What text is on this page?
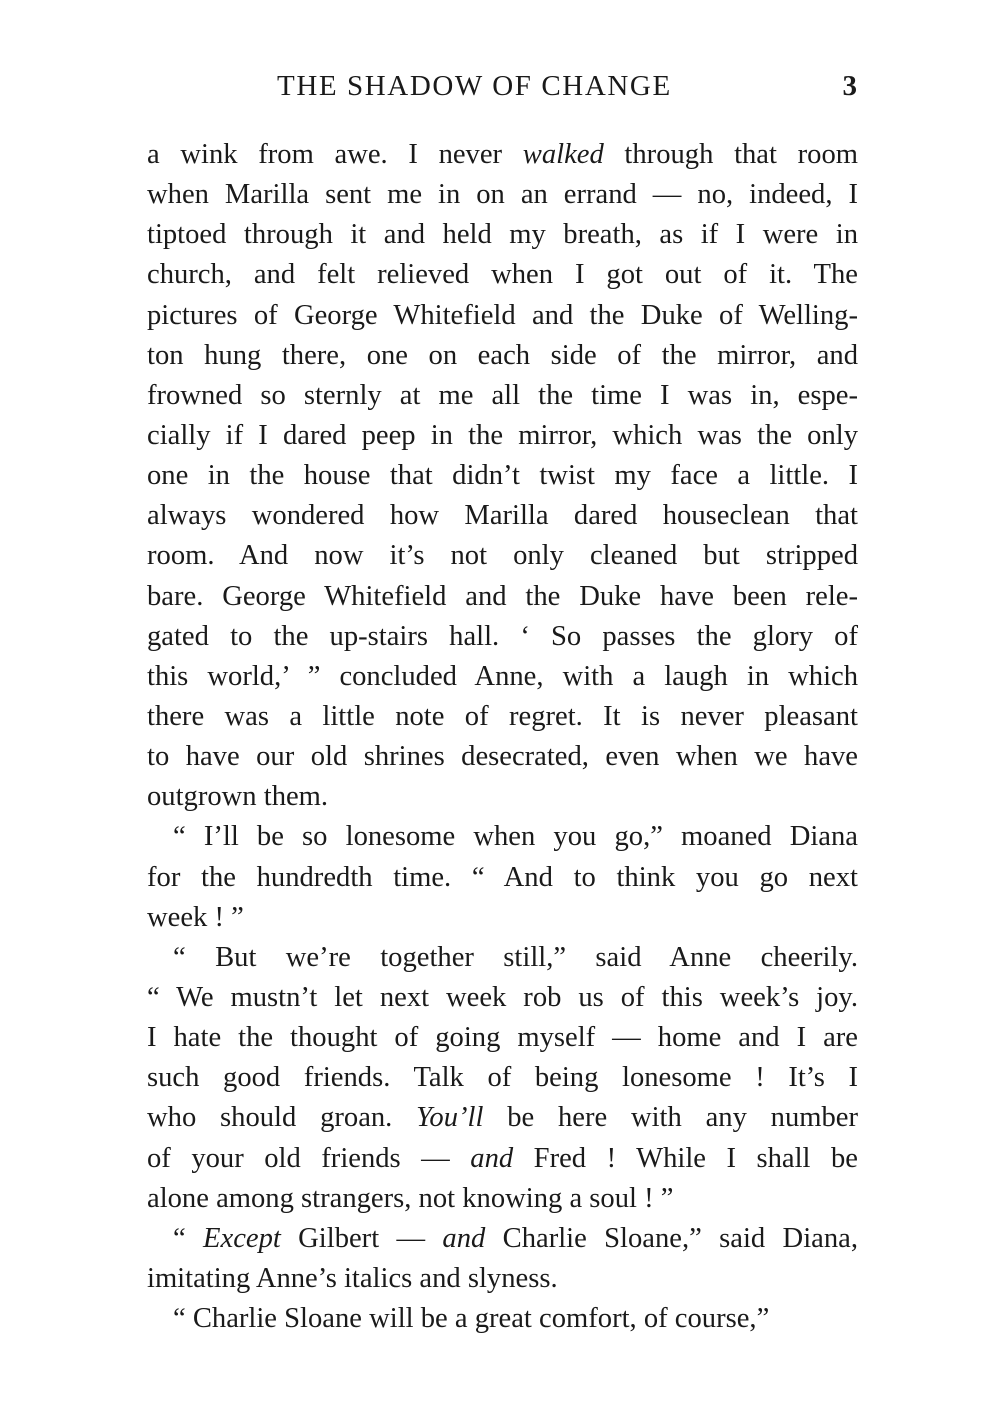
THE SHADOW OF CHANGE	3
a wink from awe. I never walked through that room
when Marilla sent me in on an errand — no, indeed, I
tiptoed through it and held my breath, as if I were in
church, and felt relieved when I got out of it. The
pictures of George Whitefield and the Duke of Welling-
ton hung there, one on each side of the mirror, and
frowned so sternly at me all the time I was in, espe-
cially if I dared peep in the mirror, which was the only
one in the house that didn’t twist my face a little. I
always wondered how Marilla dared houseclean that
room. And now it’s not only cleaned but stripped
bare. George Whitefield and the Duke have been rele-
gated to the up-stairs hall. ‘ So passes the glory of
this world,’ ” concluded Anne, with a laugh in which
there was a little note of regret. It is never pleasant
to have our old shrines desecrated, even when we have
outgrown them.
“ I’ll be so lonesome when you go,” moaned Diana
for the hundredth time. “ And to think you go next
week ! ”
“ But we’re together still,” said Anne cheerily.
“ We mustn’t let next week rob us of this week’s joy.
I hate the thought of going myself — home and I are
such good friends. Talk of being lonesome ! It’s I
who should groan. You’ll be here with any number
of your old friends — and Fred ! While I shall be
alone among strangers, not knowing a soul ! ”
“ Except Gilbert — and Charlie Sloane,” said Diana,
imitating Anne’s italics and slyness.
“ Charlie Sloane will be a great comfort, of course,”
